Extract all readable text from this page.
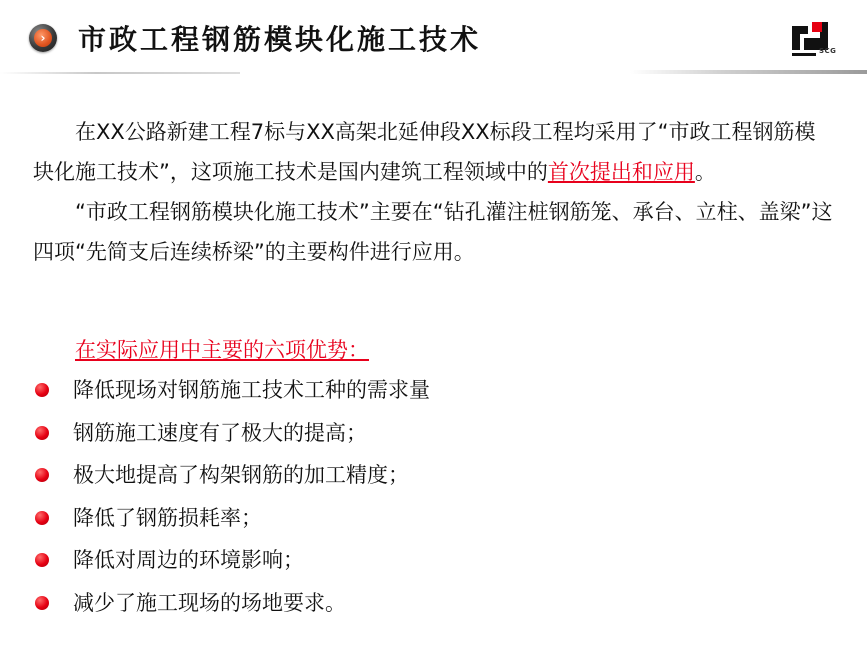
› 市政工程钢筋模块化施工技术	SCG

在XX公路新建工程7标与XX高架北延伸段XX标段工程均采用了“市政工程钢筋模块化施工技术”，这项施工技术是国内建筑工程领域中的首次提出和应用。

“市政工程钢筋模块化施工技术”主要在“钻孔灌注桩钢筋笼、承台、立柱、盖梁”这四项“先简支后连续桥梁”的主要构件进行应用。

在实际应用中主要的六项优势：
降低现场对钢筋施工技术工种的需求量
钢筋施工速度有了极大的提高；
极大地提高了构架钢筋的加工精度；
降低了钢筋损耗率；
降低对周边的环境影响；
减少了施工现场的场地要求。
